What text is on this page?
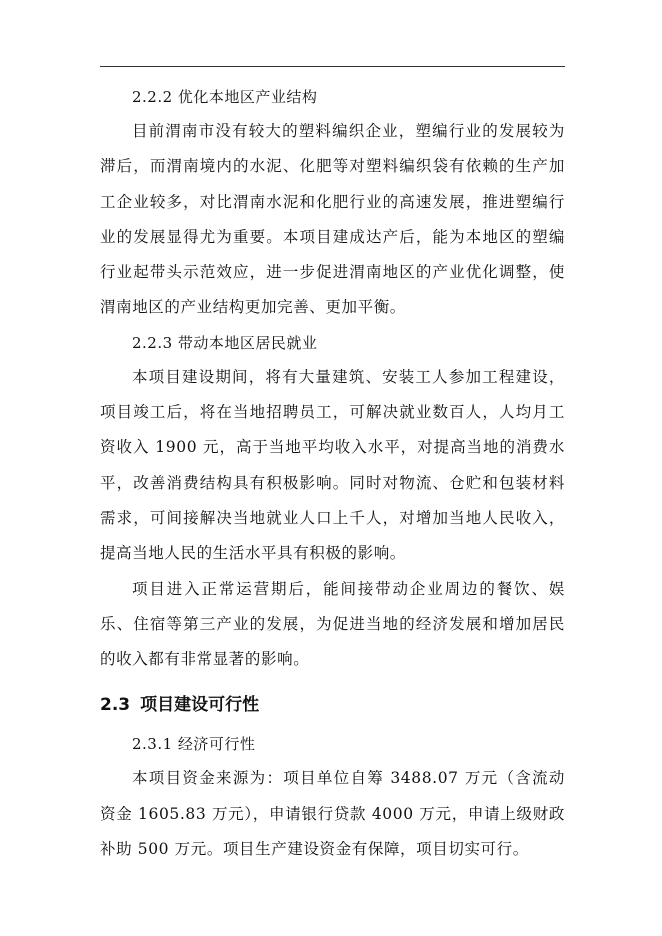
2.2.2 优化本地区产业结构

目前渭南市没有较大的塑料编织企业，塑编行业的发展较为滞后，而渭南境内的水泥、化肥等对塑料编织袋有依赖的生产加工企业较多，对比渭南水泥和化肥行业的高速发展，推进塑编行业的发展显得尤为重要。本项目建成达产后，能为本地区的塑编行业起带头示范效应，进一步促进渭南地区的产业优化调整，使渭南地区的产业结构更加完善、更加平衡。

2.2.3 带动本地区居民就业

本项目建设期间，将有大量建筑、安装工人参加工程建设，项目竣工后，将在当地招聘员工，可解决就业数百人，人均月工资收入 1900 元，高于当地平均收入水平，对提高当地的消费水平，改善消费结构具有积极影响。同时对物流、仓贮和包装材料需求，可间接解决当地就业人口上千人，对增加当地人民收入，提高当地人民的生活水平具有积极的影响。

项目进入正常运营期后，能间接带动企业周边的餐饮、娱乐、住宿等第三产业的发展，为促进当地的经济发展和增加居民的收入都有非常显著的影响。

2.3 项目建设可行性

2.3.1 经济可行性

本项目资金来源为：项目单位自筹 3488.07 万元（含流动资金 1605.83 万元），申请银行贷款 4000 万元，申请上级财政补助 500 万元。项目生产建设资金有保障，项目切实可行。
